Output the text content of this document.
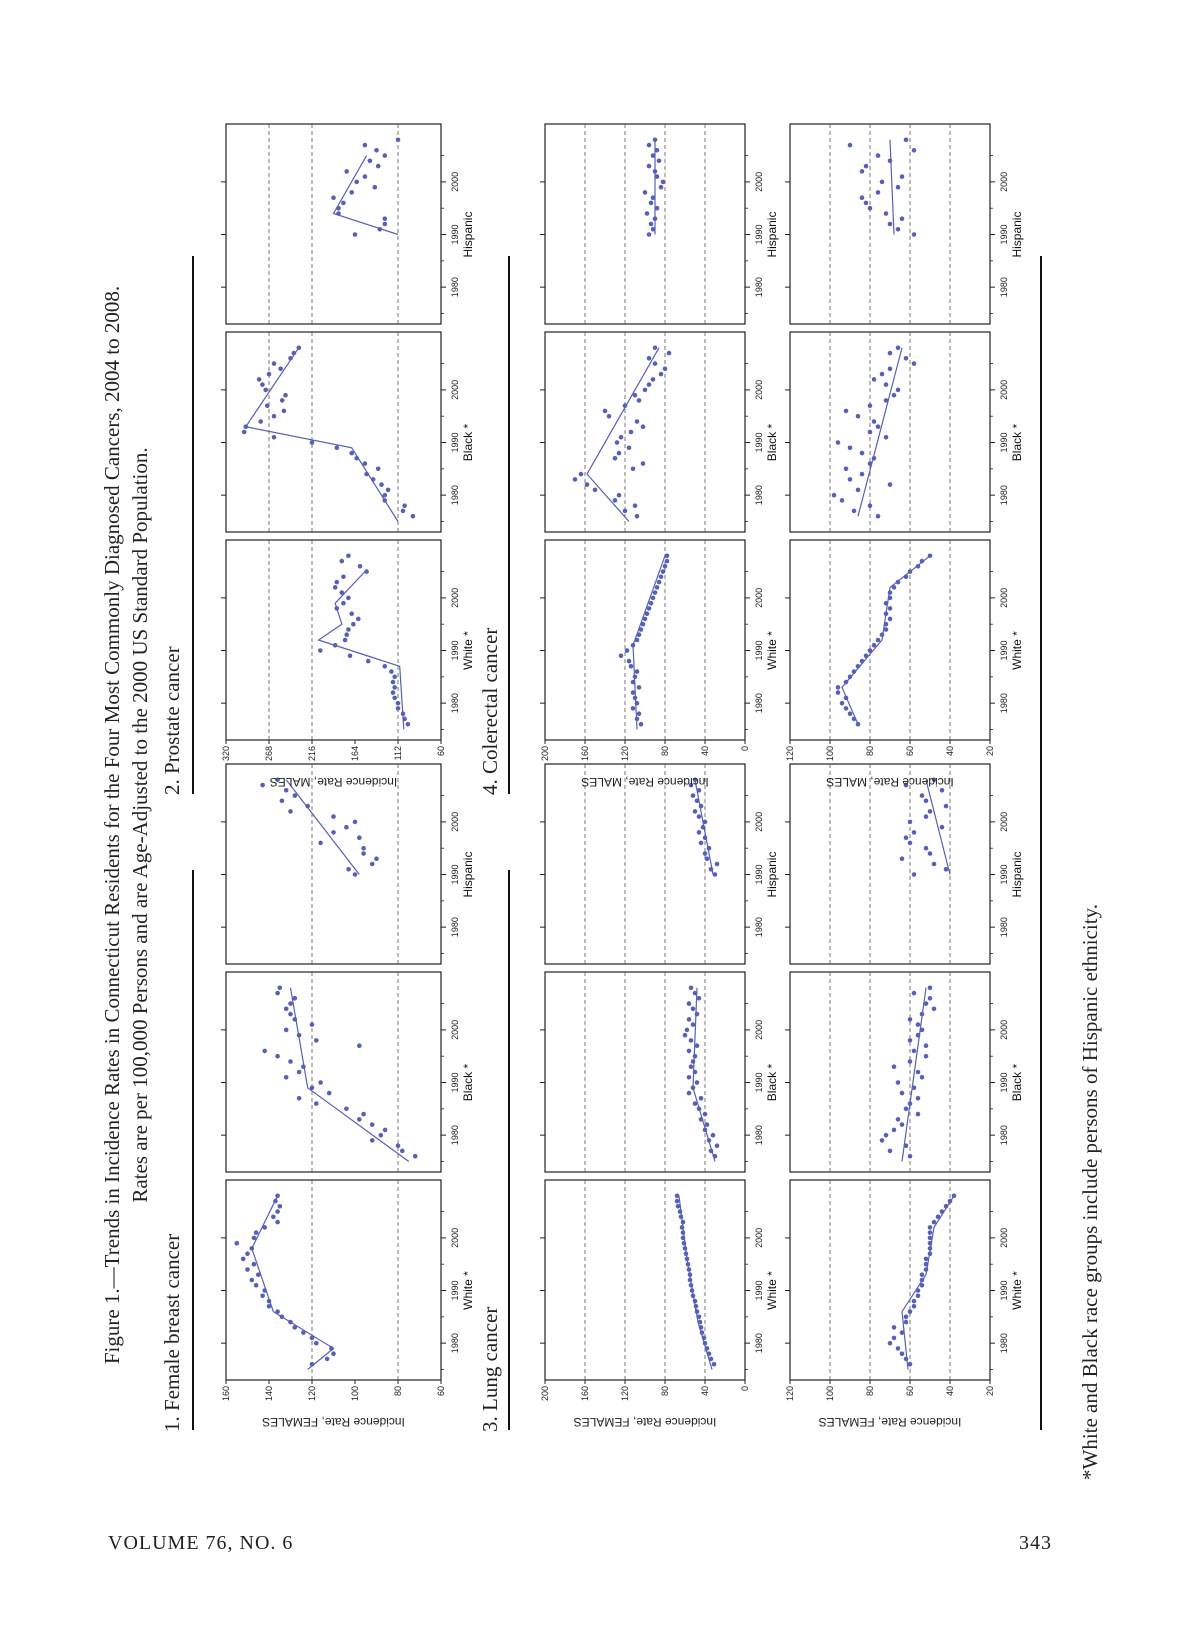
Figure 1.—Trends in Incidence Rates in Connecticut Residents for the Four Most Commonly Diagnosed Cancers, 2004 to 2008. Rates are per 100,000 Persons and are Age-Adjusted to the 2000 US Standard Population.
1. Female breast cancer
2. Prostate cancer
3. Lung cancer
4. Colerectal cancer
Incidence Rate, FEMALES
1980
1990
2000
White *
60
80
100
120
140
160
1980
1990
2000
Black *
1980
1990
2000
Hispanic
Incidence Rate, MALES
1980
1990
2000
White *
60
112
164
216
268
320
1980
1990
2000
Black *
1980
1990
2000
Hispanic
Incidence Rate, FEMALES
1980
1990
2000
White *
0
40
80
120
160
200
1980
1990
2000
Black *
1980
1990
2000
Hispanic
Incidence Rate, MALES
1980
1990
2000
White *
0
40
80
120
160
200
1980
1990
2000
Black *
1980
1990
2000
Hispanic
Incidence Rate, FEMALES
1980
1990
2000
White *
20
40
60
80
100
120
1980
1990
2000
Black *
1980
1990
2000
Hispanic
Incidence Rate, MALES
1980
1990
2000
White *
20
40
60
80
100
120
1980
1990
2000
Black *
1980
1990
2000
Hispanic
*White and Black race groups include persons of Hispanic ethnicity.
VOLUME 76, NO. 6	343
